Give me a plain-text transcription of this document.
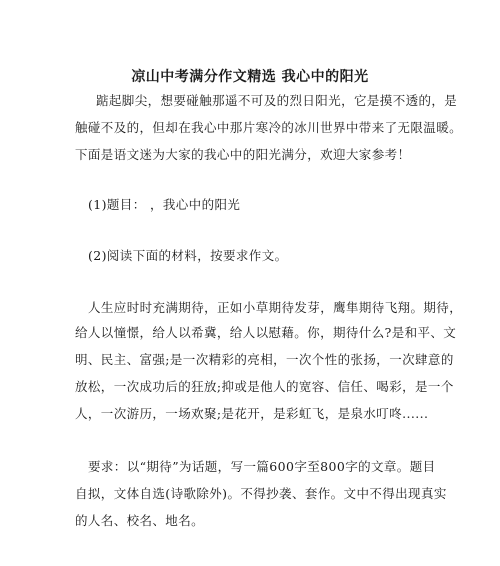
凉山中考满分作文精选 我心中的阳光
踮起脚尖，想要碰触那遥不可及的烈日阳光，它是摸不透的，是
触碰不及的，但却在我心中那片寒冷的冰川世界中带来了无限温暖。
下面是语文迷为大家的我心中的阳光满分，欢迎大家参考！
(1)题目： ，我心中的阳光
(2)阅读下面的材料，按要求作文。
人生应时时充满期待，正如小草期待发芽，鹰隼期待飞翔。期待，
给人以憧憬，给人以希冀，给人以慰藉。你，期待什么?是和平、文
明、民主、富强;是一次精彩的亮相，一次个性的张扬，一次肆意的
放松，一次成功后的狂放;抑或是他人的宽容、信任、喝彩，是一个
人，一次游历，一场欢聚;是花开，是彩虹飞，是泉水叮咚......
要求：以“期待”为话题，写一篇600字至800字的文章。题目
自拟，文体自选(诗歌除外)。不得抄袭、套作。文中不得出现真实
的人名、校名、地名。
